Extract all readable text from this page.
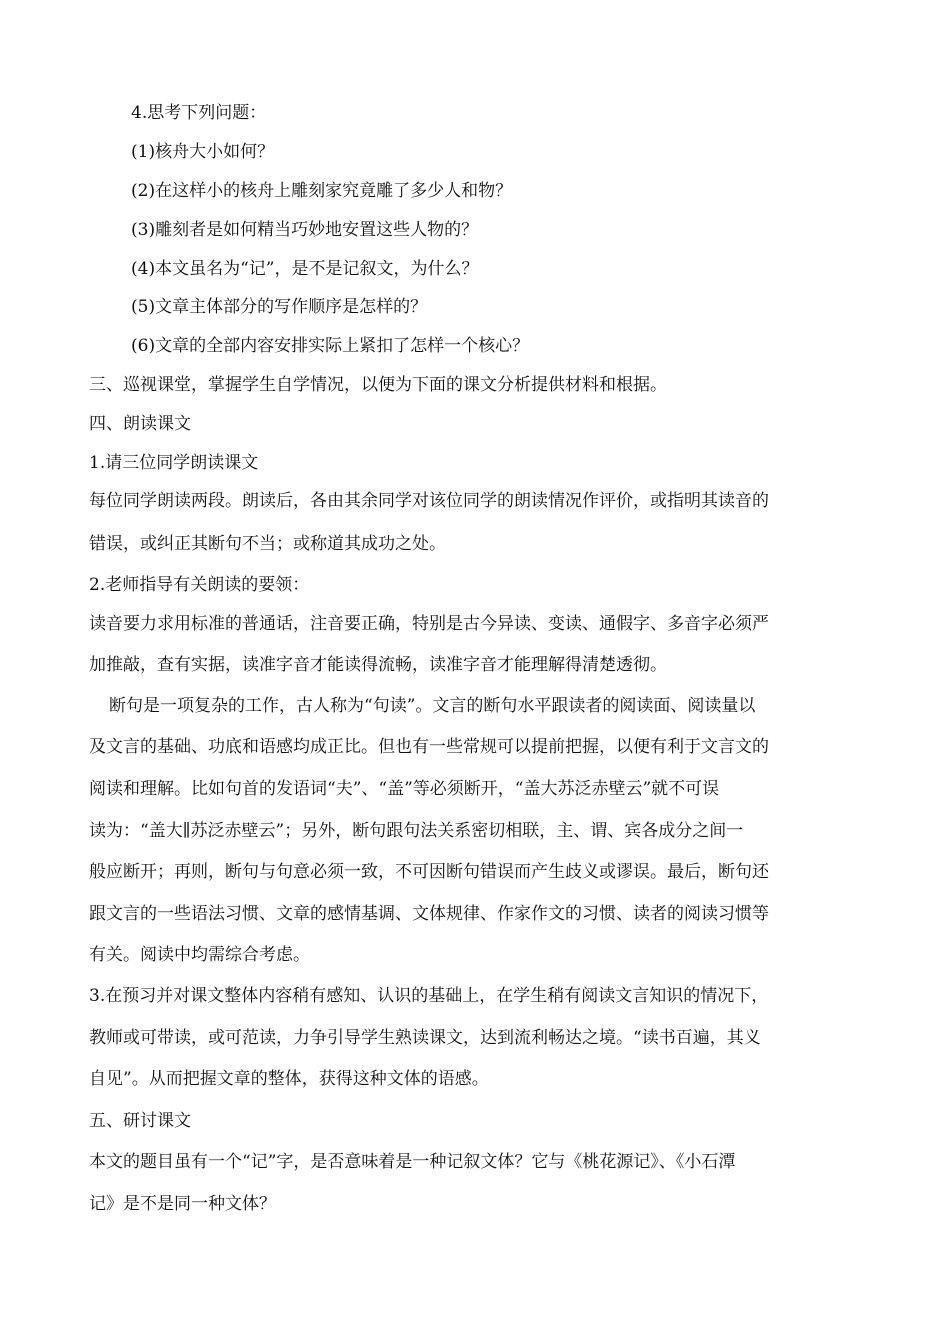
4.思考下列问题：
(1)核舟大小如何？
(2)在这样小的核舟上雕刻家究竟雕了多少人和物？
(3)雕刻者是如何精当巧妙地安置这些人物的？
(4)本文虽名为“记”，是不是记叙文，为什么？
(5)文章主体部分的写作顺序是怎样的？
(6)文章的全部内容安排实际上紧扣了怎样一个核心？
三、巡视课堂，掌握学生自学情况，以便为下面的课文分析提供材料和根据。
四、朗读课文
1.请三位同学朗读课文
每位同学朗读两段。朗读后，各由其余同学对该位同学的朗读情况作评价，或指明其读音的
错误，或纠正其断句不当；或称道其成功之处。
2.老师指导有关朗读的要领：
读音要力求用标准的普通话，注音要正确，特别是古今异读、变读、通假字、多音字必须严
加推敲，查有实据，读准字音才能读得流畅，读准字音才能理解得清楚透彻。
断句是一项复杂的工作，古人称为“句读”。文言的断句水平跟读者的阅读面、阅读量以
及文言的基础、功底和语感均成正比。但也有一些常规可以提前把握，以便有利于文言文的
阅读和理解。比如句首的发语词“夫”、“盖”等必须断开，“盖大苏泛赤壁云”就不可误
读为：“盖大∥苏泛赤壁云”；另外，断句跟句法关系密切相联，主、谓、宾各成分之间一
般应断开；再则，断句与句意必须一致，不可因断句错误而产生歧义或谬误。最后，断句还
跟文言的一些语法习惯、文章的感情基调、文体规律、作家作文的习惯、读者的阅读习惯等
有关。阅读中均需综合考虑。
3.在预习并对课文整体内容稍有感知、认识的基础上，在学生稍有阅读文言知识的情况下，
教师或可带读，或可范读，力争引导学生熟读课文，达到流利畅达之境。“读书百遍，其义
自见”。从而把握文章的整体，获得这种文体的语感。
五、研讨课文
本文的题目虽有一个“记”字，是否意味着是一种记叙文体？它与《桃花源记》、《小石潭
记》是不是同一种文体？
